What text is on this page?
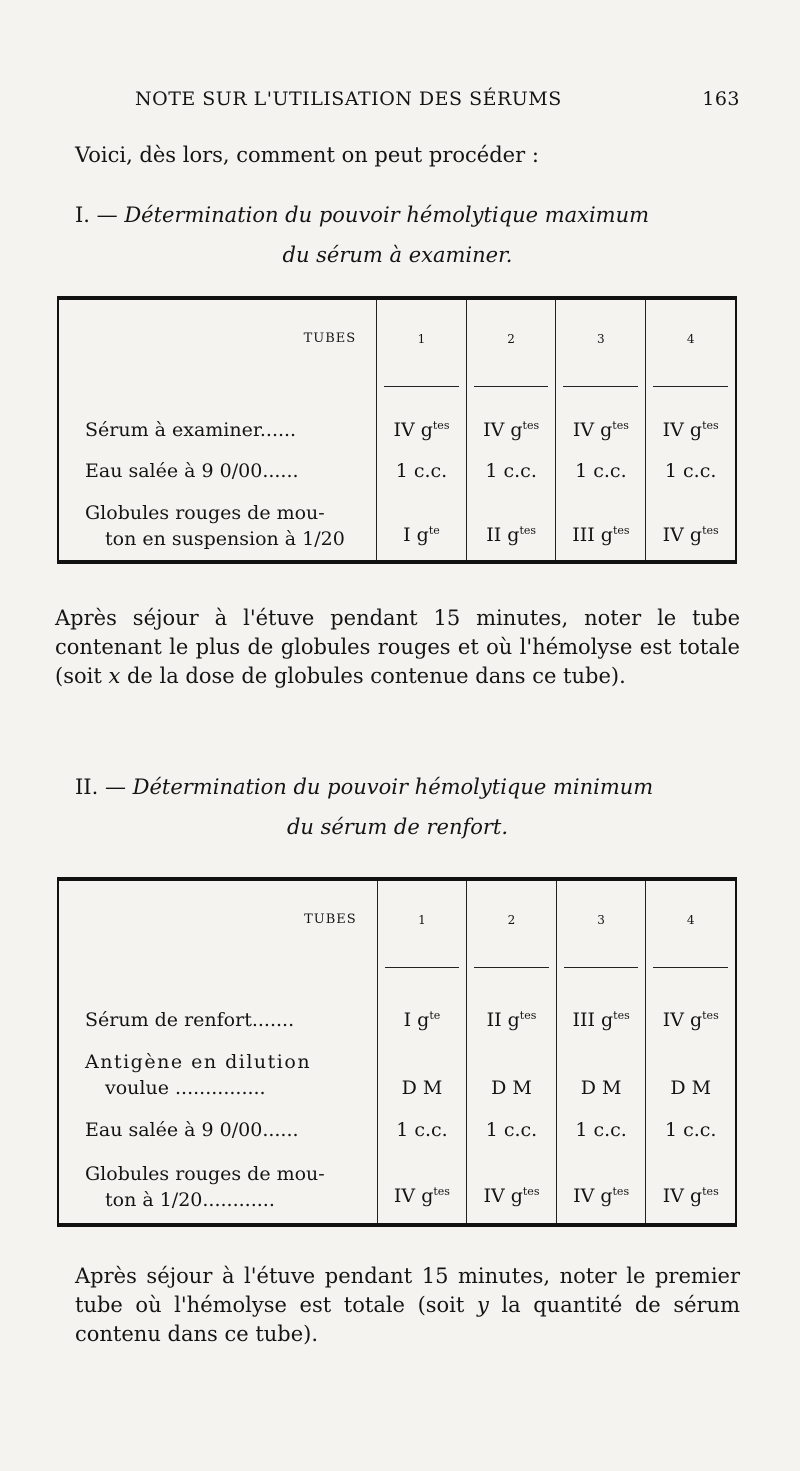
NOTE SUR L'UTILISATION DES SÉRUMS	163
Voici, dès lors, comment on peut procéder :
I. — Détermination du pouvoir hémolytique maximum
du sérum à examiner.
TUBES	1	2	3	4

Sérum à examiner......	IV $g^{tes}$	IV $g^{tes}$	IV $g^{tes}$	IV $g^{tes}$
Eau salée à 9 0/00......	1 c.c.	1 c.c.	1 c.c.	1 c.c.

Globules rouges de mou-
ton en suspension à 1/20	I $g^{te}$	II $g^{tes}$	III $g^{tes}$	IV $g^{tes}$
Après séjour à l'étuve pendant 15 minutes, noter le tube contenant le plus de globules rouges et où l'hémolyse est totale (soit x de la dose de globules contenue dans ce tube).
II. — Détermination du pouvoir hémolytique minimum
du sérum de renfort.
TUBES	1	2	3	4

Sérum de renfort.......	I $g^{te}$	II $g^{tes}$	III $g^{tes}$	IV $g^{tes}$

Antigène en dilution
voulue ...............	D M	D M	D M	D M
Eau salée à 9 0/00......	1 c.c.	1 c.c.	1 c.c.	1 c.c.

Globules rouges de mou-
ton à 1/20............	IV $g^{tes}$	IV $g^{tes}$	IV $g^{tes}$	IV $g^{tes}$
Après séjour à l'étuve pendant 15 minutes, noter le premier tube où l'hémolyse est totale (soit y la quantité de sérum contenu dans ce tube).
